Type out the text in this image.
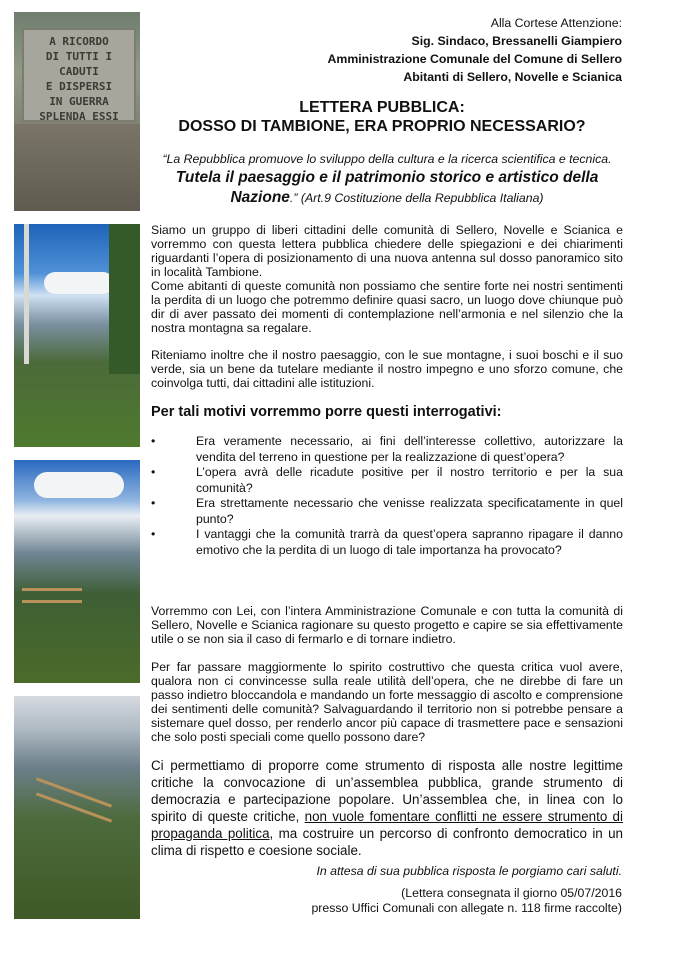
A RICORDO
DI TUTTI I CADUTI
E DISPERSI
IN GUERRA
SPLENDA ESSI
Alla Cortese Attenzione:
Sig. Sindaco, Bressanelli Giampiero
Amministrazione Comunale del Comune di Sellero
Abitanti di Sellero, Novelle e Scianica
LETTERA PUBBLICA:
DOSSO DI TAMBIONE, ERA PROPRIO NECESSARIO?
“La Repubblica promuove lo sviluppo della cultura e la ricerca scientifica e tecnica.
Tutela il paesaggio e il patrimonio storico e artistico della
Nazione.” (Art.9 Costituzione della Repubblica Italiana)
Siamo un gruppo di liberi cittadini delle comunità di Sellero, Novelle e Scianica e vorremmo con questa lettera pubblica chiedere delle spiegazioni e dei chiarimenti riguardanti l’opera di posizionamento di una nuova antenna sul dosso panoramico sito in località Tambione.
Come abitanti di queste comunità non possiamo che sentire forte nei nostri sentimenti la perdita di un luogo che potremmo definire quasi sacro, un luogo dove chiunque può dir di aver passato dei momenti di contemplazione nell’armonia e nel silenzio che la nostra montagna sa regalare.
Riteniamo inoltre che il nostro paesaggio, con le sue montagne, i suoi boschi e il suo verde, sia un bene da tutelare mediante il nostro impegno e uno sforzo comune, che coinvolga tutti, dai cittadini alle istituzioni.
Per tali motivi vorremmo porre questi interrogativi:
•	Era veramente necessario, ai fini dell’interesse collettivo, autorizzare la vendita del terreno in questione per la realizzazione di quest’opera?
•	L’opera avrà delle ricadute positive per il nostro territorio e per la sua comunità?
•	Era strettamente necessario che venisse realizzata specificatamente in quel punto?
•	I vantaggi che la comunità trarrà da quest’opera sapranno ripagare il danno emotivo che la perdita di un luogo di tale importanza ha provocato?
Vorremmo con Lei, con l’intera Amministrazione Comunale e con tutta la comunità di Sellero, Novelle e Scianica ragionare su questo progetto e capire se sia effettivamente utile o se non sia il caso di fermarlo e di tornare indietro.
Per far passare maggiormente lo spirito costruttivo che questa critica vuol avere, qualora non ci convincesse sulla reale utilità dell’opera, che ne direbbe di fare un passo indietro bloccandola e mandando un forte messaggio di ascolto e comprensione dei sentimenti delle comunità? Salvaguardando il territorio non si potrebbe pensare a sistemare quel dosso, per renderlo ancor più capace di trasmettere pace e sensazioni che solo posti speciali come quello possono dare?
Ci permettiamo di proporre come strumento di risposta alle nostre legittime critiche la convocazione di un’assemblea pubblica, grande strumento di democrazia e partecipazione popolare. Un’assemblea che, in linea con lo spirito di queste critiche, non vuole fomentare conflitti ne essere strumento di propaganda politica, ma costruire un percorso di confronto democratico in un clima di rispetto e coesione sociale.
In attesa di sua pubblica risposta le porgiamo cari saluti.
(Lettera consegnata il giorno 05/07/2016
presso Uffici Comunali con allegate n. 118 firme raccolte)
